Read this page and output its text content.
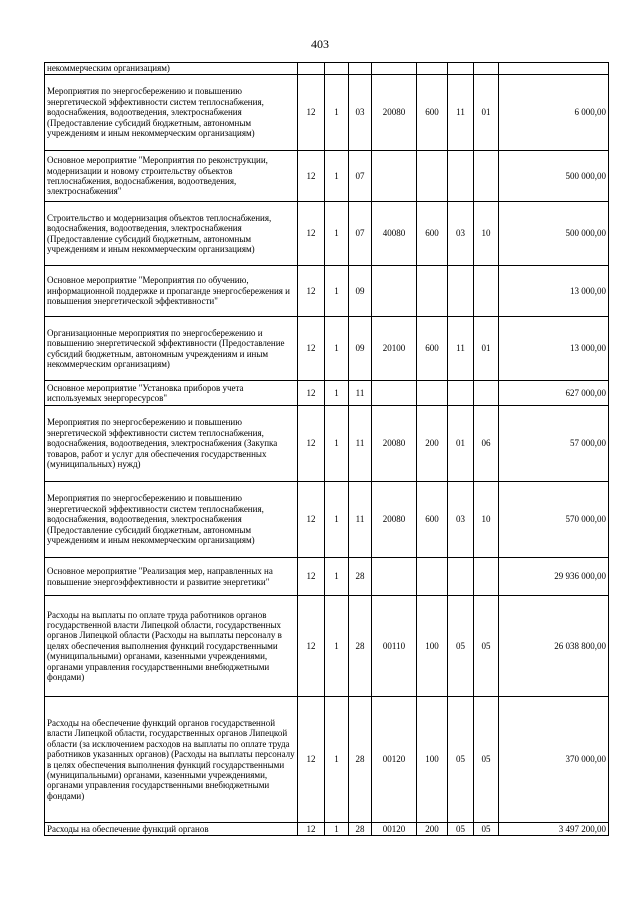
403
некоммерческим организациям)								
Мероприятия по энергосбережению и повышению энергетической эффективности систем теплоснабжения, водоснабжения, водоотведения, электроснабжения (Предоставление субсидий бюджетным, автономным учреждениям и иным некоммерческим организациям)	12	1	03	20080	600	11	01	6 000,00
Основное мероприятие "Мероприятия по реконструкции, модернизации и новому строительству объектов теплоснабжения, водоснабжения, водоотведения, электроснабжения"	12	1	07					500 000,00
Строительство и модернизация объектов теплоснабжения, водоснабжения, водоотведения, электроснабжения (Предоставление субсидий бюджетным, автономным учреждениям и иным некоммерческим организациям)	12	1	07	40080	600	03	10	500 000,00
Основное мероприятие "Мероприятия по обучению, информационной поддержке и пропаганде энергосбережения и повышения энергетической эффективности"	12	1	09					13 000,00
Организационные мероприятия по энергосбережению и повышению энергетической эффективности (Предоставление субсидий бюджетным, автономным учреждениям и иным некоммерческим организациям)	12	1	09	20100	600	11	01	13 000,00
Основное мероприятие "Установка приборов учета используемых энергоресурсов"	12	1	11					627 000,00
Мероприятия по энергосбережению и повышению энергетической эффективности систем теплоснабжения, водоснабжения, водоотведения, электроснабжения (Закупка товаров, работ и услуг для обеспечения государственных (муниципальных) нужд)	12	1	11	20080	200	01	06	57 000,00
Мероприятия по энергосбережению и повышению энергетической эффективности систем теплоснабжения, водоснабжения, водоотведения, электроснабжения (Предоставление субсидий бюджетным, автономным учреждениям и иным некоммерческим организациям)	12	1	11	20080	600	03	10	570 000,00
Основное мероприятие "Реализация мер, направленных на повышение энергоэффективности и развитие энергетики"	12	1	28					29 936 000,00
Расходы на выплаты по оплате труда работников органов государственной власти Липецкой области, государственных органов Липецкой области (Расходы на выплаты персоналу в целях обеспечения выполнения функций государственными (муниципальными) органами, казенными учреждениями, органами управления государственными внебюджетными фондами)	12	1	28	00110	100	05	05	26 038 800,00
Расходы на обеспечение функций органов государственной власти Липецкой области, государственных органов Липецкой области (за исключением расходов на выплаты по оплате труда работников указанных органов) (Расходы на выплаты персоналу в целях обеспечения выполнения функций государственными (муниципальными) органами, казенными учреждениями, органами управления государственными внебюджетными фондами)	12	1	28	00120	100	05	05	370 000,00
Расходы на обеспечение функций органов	12	1	28	00120	200	05	05	3 497 200,00
